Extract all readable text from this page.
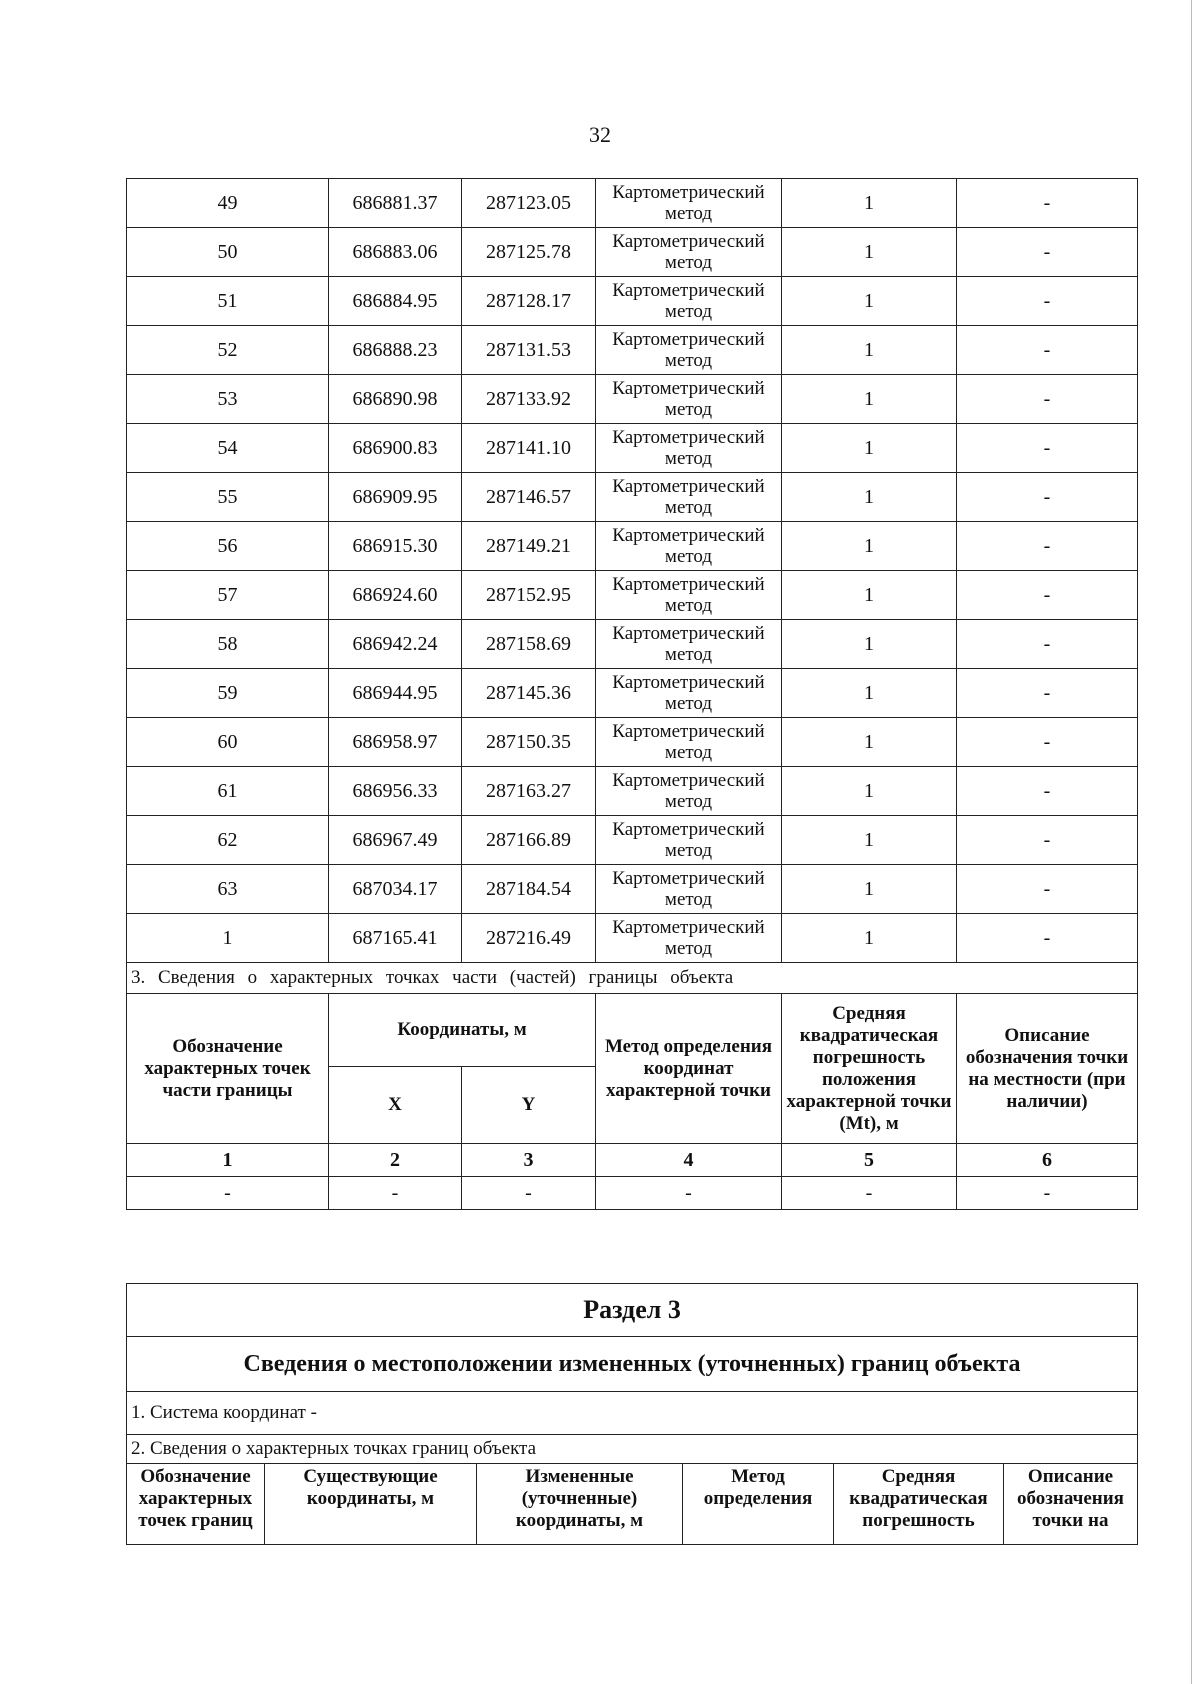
32
49	686881.37	287123.05	Картометрический метод	1	-
50	686883.06	287125.78	Картометрический метод	1	-
51	686884.95	287128.17	Картометрический метод	1	-
52	686888.23	287131.53	Картометрический метод	1	-
53	686890.98	287133.92	Картометрический метод	1	-
54	686900.83	287141.10	Картометрический метод	1	-
55	686909.95	287146.57	Картометрический метод	1	-
56	686915.30	287149.21	Картометрический метод	1	-
57	686924.60	287152.95	Картометрический метод	1	-
58	686942.24	287158.69	Картометрический метод	1	-
59	686944.95	287145.36	Картометрический метод	1	-
60	686958.97	287150.35	Картометрический метод	1	-
61	686956.33	287163.27	Картометрический метод	1	-
62	686967.49	287166.89	Картометрический метод	1	-
63	687034.17	287184.54	Картометрический метод	1	-
1	687165.41	287216.49	Картометрический метод	1	-
3. Сведения о характерных точках части (частей) границы объекта					
Обозначение характерных точек части границы	Координаты, м		Метод определения координат характерной точки	Средняя квадратическая погрешность положения характерной точки (Mt), м	Описание обозначения точки на местности (при наличии)
	X	Y			
1	2	3	4	5	6
-	-	-	-	-	-
Раздел 3
Сведения о местоположении измененных (уточненных) границ объекта
1. Система координат -
2. Сведения о характерных точках границ объекта
Обозначение характерных точек границ	Существующие координаты, м	Измененные (уточненные) координаты, м	Метод определения	Средняя квадратическая погрешность	Описание обозначения точки на
